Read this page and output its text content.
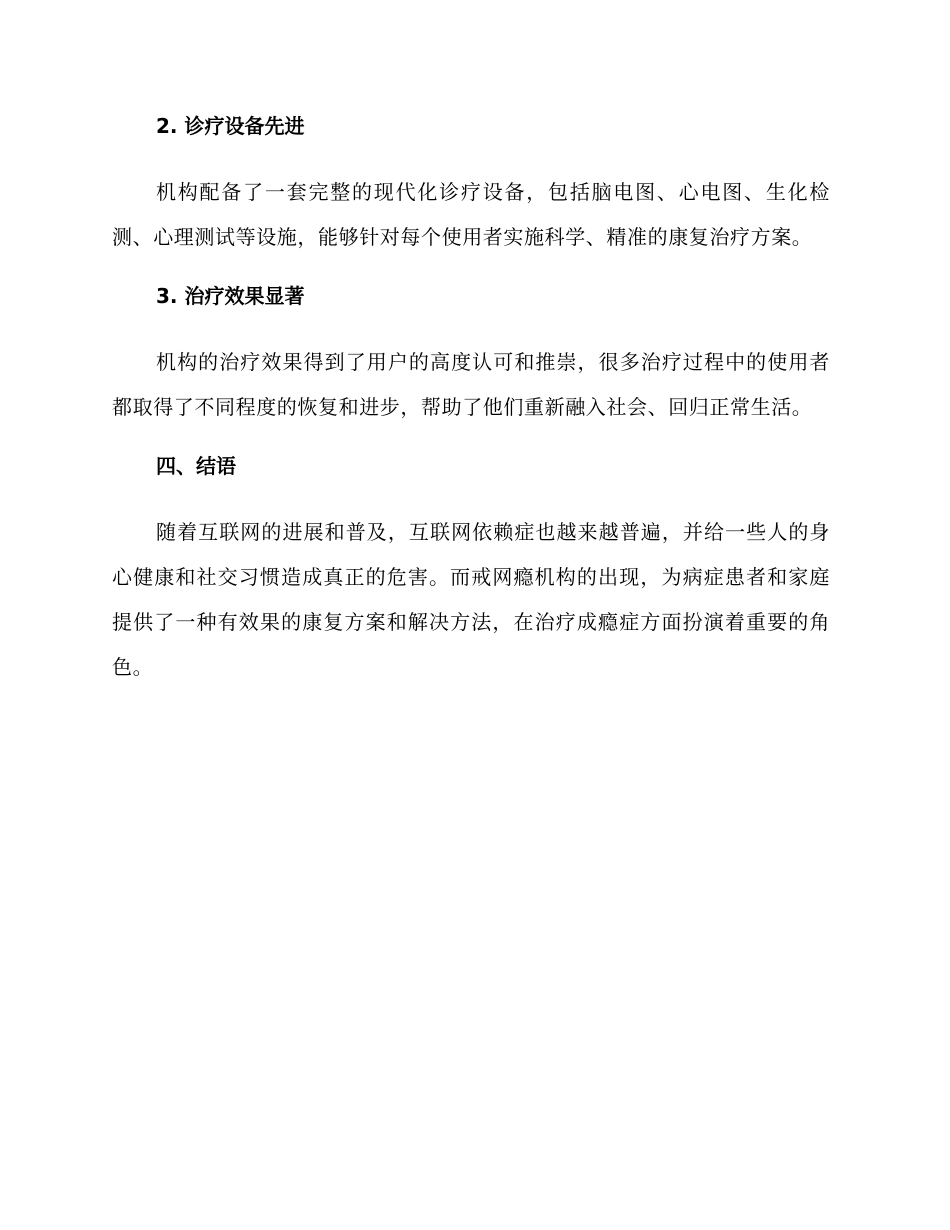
2. 诊疗设备先进
机构配备了一套完整的现代化诊疗设备，包括脑电图、心电图、生化检测、心理测试等设施，能够针对每个使用者实施科学、精准的康复治疗方案。
3. 治疗效果显著
机构的治疗效果得到了用户的高度认可和推崇，很多治疗过程中的使用者都取得了不同程度的恢复和进步，帮助了他们重新融入社会、回归正常生活。
四、结语
随着互联网的进展和普及，互联网依赖症也越来越普遍，并给一些人的身心健康和社交习惯造成真正的危害。而戒网瘾机构的出现，为病症患者和家庭提供了一种有效果的康复方案和解决方法，在治疗成瘾症方面扮演着重要的角色。
